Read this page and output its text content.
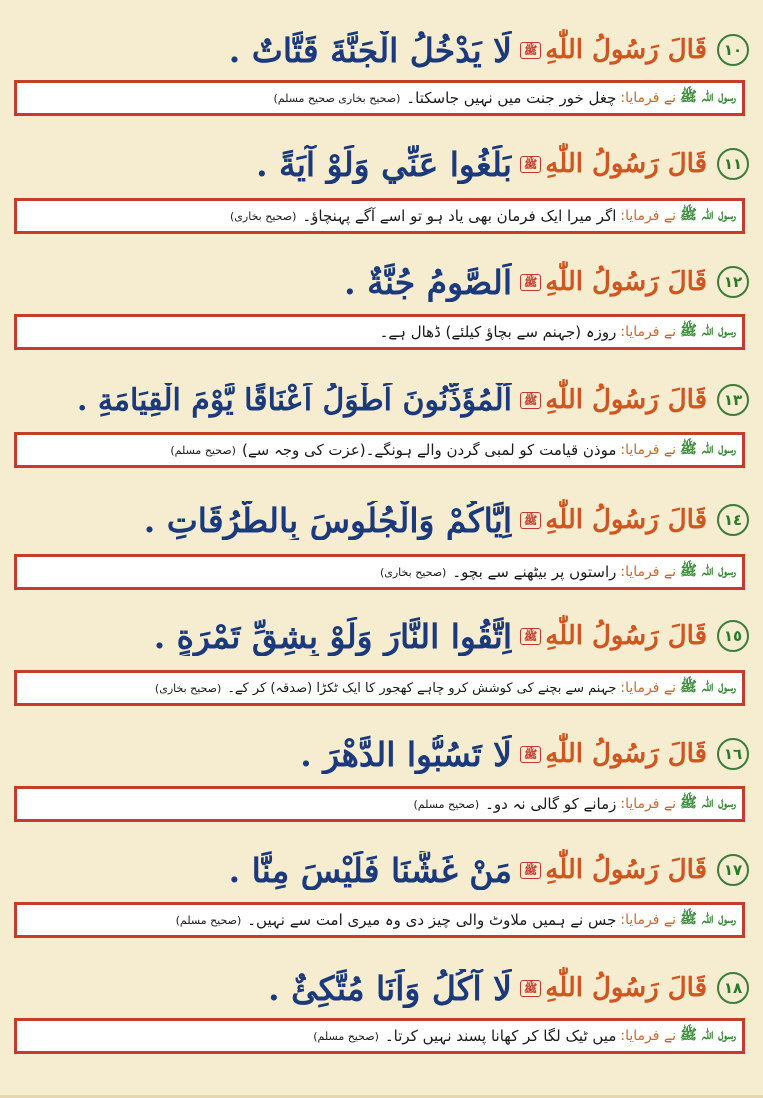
١٠
قَالَ رَسُولُ اللّٰهِ
ﷺ
لَا يَدْخُلُ الْجَنَّةَ قَتَّاتٌ .
رسول اللہ ﷺ
نے فرمایا:
چغل خور جنت میں نہیں جاسکتا۔
(صحیح بخاری صحیح مسلم)
١١
قَالَ رَسُولُ اللّٰهِ
ﷺ
بَلِّغُوا عَنِّي وَلَوْ آيَةً .
رسول اللہ ﷺ
نے فرمایا:
اگر میرا ایک فرمان بھی یاد ہو تو اسے آگے پہنچاؤ۔
(صحیح بخاری)
١٢
قَالَ رَسُولُ اللّٰهِ
ﷺ
اَلصَّومُ جُنَّةٌ .
رسول اللہ ﷺ
نے فرمایا:
روزہ (جہنم سے بچاؤ کیلئے) ڈھال ہے۔
١٣
قَالَ رَسُولُ اللّٰهِ
ﷺ
اَلْمُؤَذِّنُونَ اَطْوَلُ اَعْنَاقًا يَّوْمَ الْقِيَامَةِ .
رسول اللہ ﷺ
نے فرمایا:
موذن قیامت کو لمبی گردن والے ہونگے۔(عزت کی وجہ سے)
(صحیح مسلم)
١٤
قَالَ رَسُولُ اللّٰهِ
ﷺ
اِيَّاكُمْ وَالْجُلُوسَ بِالطُّرُقَاتِ .
رسول اللہ ﷺ
نے فرمایا:
راستوں پر بیٹھنے سے بچو۔
(صحیح بخاری)
١٥
قَالَ رَسُولُ اللّٰهِ
ﷺ
اِتَّقُوا النَّارَ وَلَوْ بِشِقِّ تَمْرَةٍ .
رسول اللہ ﷺ
نے فرمایا:
جہنم سے بچنے کی کوشش کرو چاہے کھجور کا ایک ٹکڑا (صدقہ) کر کے۔
(صحیح بخاری)
١٦
قَالَ رَسُولُ اللّٰهِ
ﷺ
لَا تَسُبُّوا الدَّهْرَ .
رسول اللہ ﷺ
نے فرمایا:
زمانے کو گالی نہ دو۔
(صحیح مسلم)
١٧
قَالَ رَسُولُ اللّٰهِ
ﷺ
مَنْ غَشَّنَا فَلَيْسَ مِنَّا .
رسول اللہ ﷺ
نے فرمایا:
جس نے ہمیں ملاوٹ والی چیز دی وہ میری امت سے نہیں۔
(صحیح مسلم)
١٨
قَالَ رَسُولُ اللّٰهِ
ﷺ
لَا آكُلُ وَاَنَا مُتَّكِئٌ .
رسول اللہ ﷺ
نے فرمایا:
میں ٹیک لگا کر کھانا پسند نہیں کرتا۔
(صحیح مسلم)
